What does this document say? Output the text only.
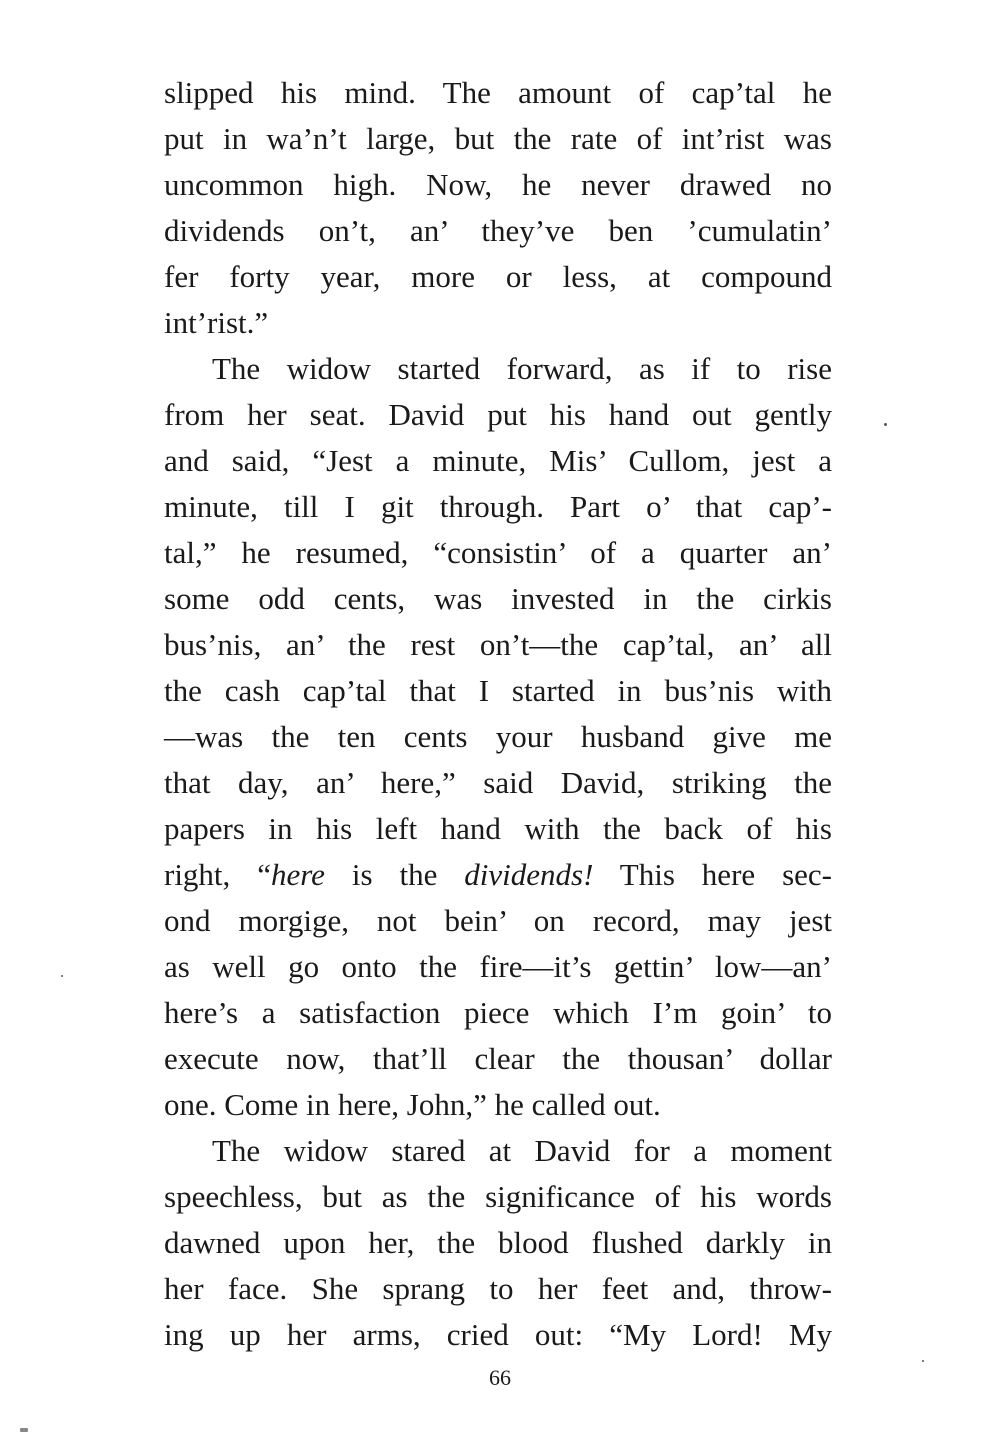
slipped his mind. The amount of cap’tal he
put in wa’n’t large, but the rate of int’rist was
uncommon high. Now, he never drawed no
dividends on’t, an’ they’ve ben ’cumulatin’
fer forty year, more or less, at compound
int’rist.”
The widow started forward, as if to rise
from her seat. David put his hand out gently
and said, “Jest a minute, Mis’ Cullom, jest a
minute, till I git through. Part o’ that cap’-
tal,” he resumed, “consistin’ of a quarter an’
some odd cents, was invested in the cirkis
bus’nis, an’ the rest on’t—the cap’tal, an’ all
the cash cap’tal that I started in bus’nis with
—was the ten cents your husband give me
that day, an’ here,” said David, striking the
papers in his left hand with the back of his
right, “here is the dividends! This here sec-
ond morgige, not bein’ on record, may jest
as well go onto the fire—it’s gettin’ low—an’
here’s a satisfaction piece which I’m goin’ to
execute now, that’ll clear the thousan’ dollar
one. Come in here, John,” he called out.
The widow stared at David for a moment
speechless, but as the significance of his words
dawned upon her, the blood flushed darkly in
her face. She sprang to her feet and, throw-
ing up her arms, cried out: “My Lord! My
66
